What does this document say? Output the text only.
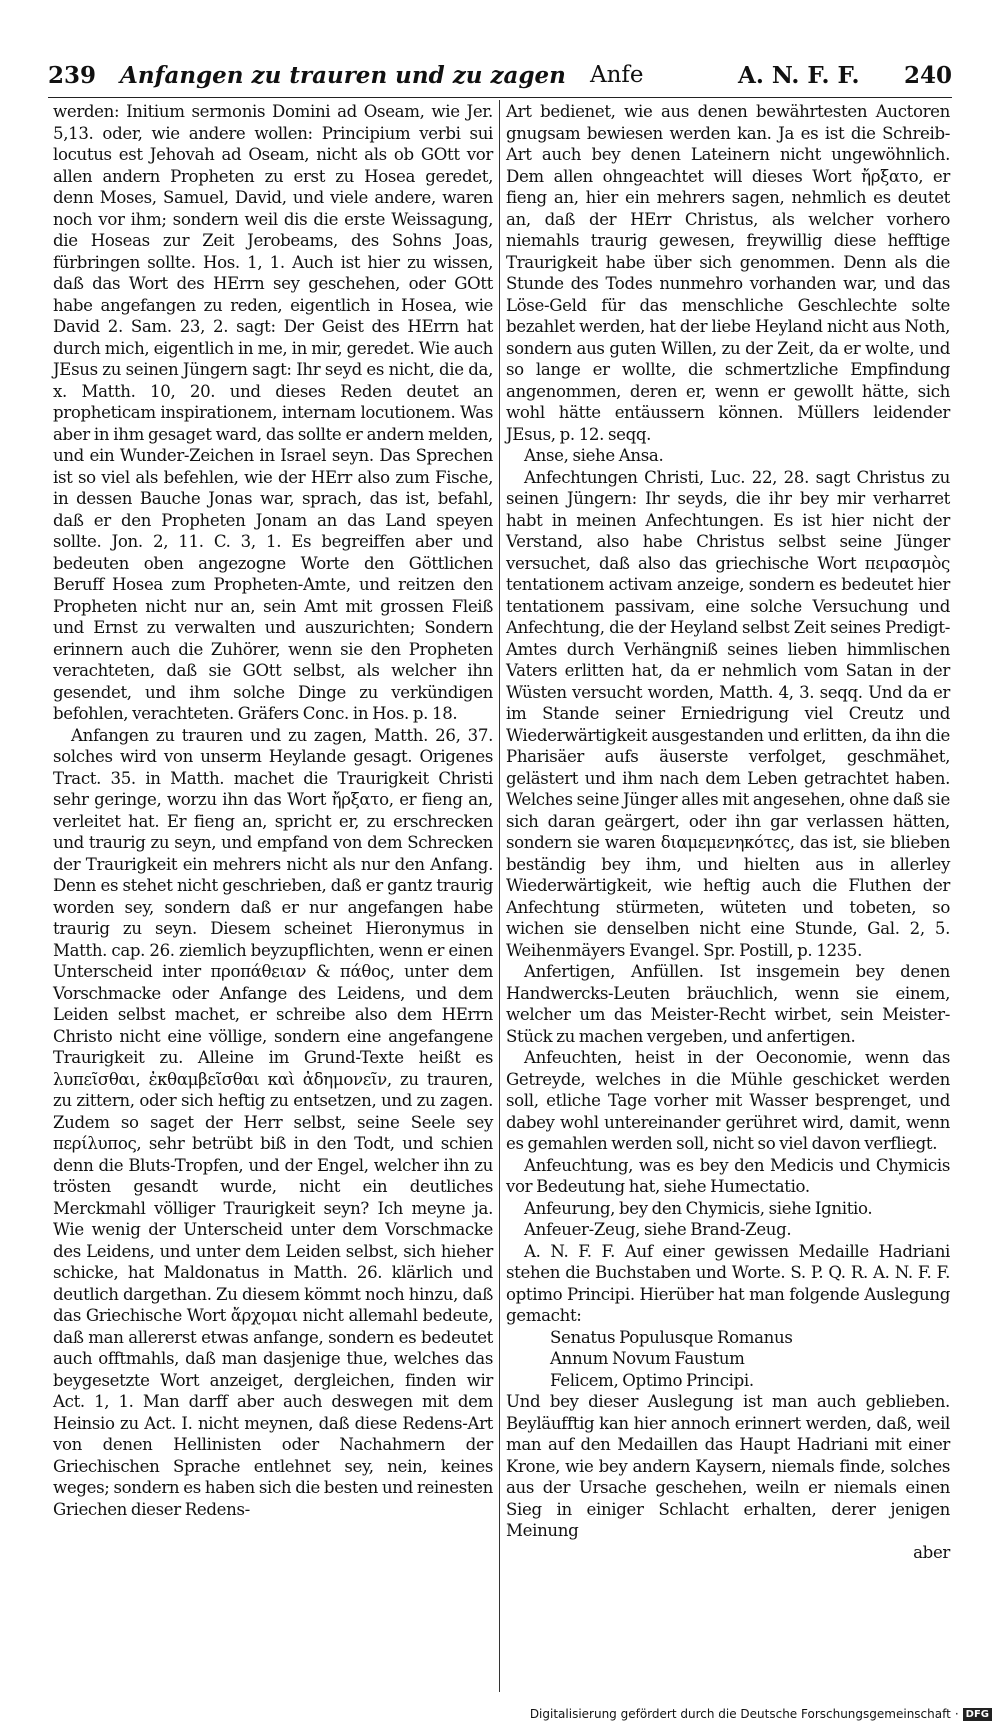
239 Anfangen zu trauren und zu zagen Anfe	A. N. F. F. 240

werden: Initium sermonis Domini ad Oseam, wie Jer. 5,13. oder, wie andere wollen: Principium verbi sui locutus est Jehovah ad Oseam, nicht als ob GOtt vor allen andern Propheten zu erst zu Hosea geredet, denn Moses, Samuel, David, und viele andere, waren noch vor ihm; sondern weil dis die erste Weissagung, die Hoseas zur Zeit Jerobeams, des Sohns Joas, fürbringen sollte. Hos. 1, 1. Auch ist hier zu wissen, daß das Wort des HErrn sey geschehen, oder GOtt habe angefangen zu reden, eigentlich in Hosea, wie David 2. Sam. 23, 2. sagt: Der Geist des HErrn hat durch mich, eigentlich in me, in mir, geredet. Wie auch JEsus zu seinen Jüngern sagt: Ihr seyd es nicht, die da, x. Matth. 10, 20. und dieses Reden deutet an propheticam inspirationem, internam locutionem. Was aber in ihm gesaget ward, das sollte er andern melden, und ein Wunder-Zeichen in Israel seyn. Das Sprechen ist so viel als befehlen, wie der HErr also zum Fische, in dessen Bauche Jonas war, sprach, das ist, befahl, daß er den Propheten Jonam an das Land speyen sollte. Jon. 2, 11. C. 3, 1. Es begreiffen aber und bedeuten oben angezogne Worte den Göttlichen Beruff Hosea zum Propheten-Amte, und reitzen den Propheten nicht nur an, sein Amt mit grossen Fleiß und Ernst zu verwalten und auszurichten; Sondern erinnern auch die Zuhörer, wenn sie den Propheten verachteten, daß sie GOtt selbst, als welcher ihn gesendet, und ihm solche Dinge zu verkündigen befohlen, verachteten. Gräfers Conc. in Hos. p. 18.

Anfangen zu trauren und zu zagen, Matth. 26, 37. solches wird von unserm Heylande gesagt. Origenes Tract. 35. in Matth. machet die Traurigkeit Christi sehr geringe, worzu ihn das Wort ἤρξατο, er fieng an, verleitet hat. Er fieng an, spricht er, zu erschrecken und traurig zu seyn, und empfand von dem Schrecken der Traurigkeit ein mehrers nicht als nur den Anfang. Denn es stehet nicht geschrieben, daß er gantz traurig worden sey, sondern daß er nur angefangen habe traurig zu seyn. Diesem scheinet Hieronymus in Matth. cap. 26. ziemlich beyzupflichten, wenn er einen Unterscheid inter προπάθειαν & πάθος, unter dem Vorschmacke oder Anfange des Leidens, und dem Leiden selbst machet, er schreibe also dem HErrn Christo nicht eine völlige, sondern eine angefangene Traurigkeit zu. Alleine im Grund-Texte heißt es λυπεῖσθαι, ἐκθαμβεῖσθαι καὶ ἀδημονεῖν, zu trauren, zu zittern, oder sich heftig zu entsetzen, und zu zagen. Zudem so saget der Herr selbst, seine Seele sey περίλυπος, sehr betrübt biß in den Todt, und schien denn die Bluts-Tropfen, und der Engel, welcher ihn zu trösten gesandt wurde, nicht ein deutliches Merckmahl völliger Traurigkeit seyn? Ich meyne ja. Wie wenig der Unterscheid unter dem Vorschmacke des Leidens, und unter dem Leiden selbst, sich hieher schicke, hat Maldonatus in Matth. 26. klärlich und deutlich dargethan. Zu diesem kömmt noch hinzu, daß das Griechische Wort ἄρχομαι nicht allemahl bedeute, daß man allererst etwas anfange, sondern es bedeutet auch offtmahls, daß man dasjenige thue, welches das beygesetzte Wort anzeiget, dergleichen, finden wir Act. 1, 1. Man darff aber auch deswegen mit dem Heinsio zu Act. I. nicht meynen, daß diese Redens-Art von denen Hellinisten oder Nachahmern der Griechischen Sprache entlehnet sey, nein, keines weges; sondern es haben sich die besten und reinesten Griechen dieser Redens-

Art bedienet, wie aus denen bewährtesten Auctoren gnugsam bewiesen werden kan. Ja es ist die Schreib-Art auch bey denen Lateinern nicht ungewöhnlich. Dem allen ohngeachtet will dieses Wort ἤρξατο, er fieng an, hier ein mehrers sagen, nehmlich es deutet an, daß der HErr Christus, als welcher vorhero niemahls traurig gewesen, freywillig diese hefftige Traurigkeit habe über sich genommen. Denn als die Stunde des Todes nunmehro vorhanden war, und das Löse-Geld für das menschliche Geschlechte solte bezahlet werden, hat der liebe Heyland nicht aus Noth, sondern aus guten Willen, zu der Zeit, da er wolte, und so lange er wollte, die schmertzliche Empfindung angenommen, deren er, wenn er gewollt hätte, sich wohl hätte entäussern können. Müllers leidender JEsus, p. 12. seqq.

Anse, siehe Ansa.

Anfechtungen Christi, Luc. 22, 28. sagt Christus zu seinen Jüngern: Ihr seyds, die ihr bey mir verharret habt in meinen Anfechtungen. Es ist hier nicht der Verstand, also habe Christus selbst seine Jünger versuchet, daß also das griechische Wort πειρασμὸς tentationem activam anzeige, sondern es bedeutet hier tentationem passivam, eine solche Versuchung und Anfechtung, die der Heyland selbst Zeit seines Predigt-Amtes durch Verhängniß seines lieben himmlischen Vaters erlitten hat, da er nehmlich vom Satan in der Wüsten versucht worden, Matth. 4, 3. seqq. Und da er im Stande seiner Erniedrigung viel Creutz und Wiederwärtigkeit ausgestanden und erlitten, da ihn die Pharisäer aufs äuserste verfolget, geschmähet, gelästert und ihm nach dem Leben getrachtet haben. Welches seine Jünger alles mit angesehen, ohne daß sie sich daran geärgert, oder ihn gar verlassen hätten, sondern sie waren διαμεμενηκότες, das ist, sie blieben beständig bey ihm, und hielten aus in allerley Wiederwärtigkeit, wie heftig auch die Fluthen der Anfechtung stürmeten, wüteten und tobeten, so wichen sie denselben nicht eine Stunde, Gal. 2, 5. Weihenmäyers Evangel. Spr. Postill, p. 1235.

Anfertigen, Anfüllen. Ist insgemein bey denen Handwercks-Leuten bräuchlich, wenn sie einem, welcher um das Meister-Recht wirbet, sein Meister-Stück zu machen vergeben, und anfertigen.

Anfeuchten, heist in der Oeconomie, wenn das Getreyde, welches in die Mühle geschicket werden soll, etliche Tage vorher mit Wasser besprenget, und dabey wohl untereinander gerühret wird, damit, wenn es gemahlen werden soll, nicht so viel davon verfliegt.

Anfeuchtung, was es bey den Medicis und Chymicis vor Bedeutung hat, siehe Humectatio.

Anfeurung, bey den Chymicis, siehe Ignitio.

Anfeuer-Zeug, siehe Brand-Zeug.

A. N. F. F. Auf einer gewissen Medaille Hadriani stehen die Buchstaben und Worte. S. P. Q. R. A. N. F. F. optimo Principi. Hierüber hat man folgende Auslegung gemacht:

Senatus Populusque Romanus

Annum Novum Faustum

Felicem, Optimo Principi.

Und bey dieser Auslegung ist man auch geblieben. Beyläufftig kan hier annoch erinnert werden, daß, weil man auf den Medaillen das Haupt Hadriani mit einer Krone, wie bey andern Kaysern, niemals finde, solches aus der Ursache geschehen, weiln er niemals einen Sieg in einiger Schlacht erhalten, derer jenigen Meinung

aber

Digitalisierung gefördert durch die Deutsche Forschungsgemeinschaft · DFG
